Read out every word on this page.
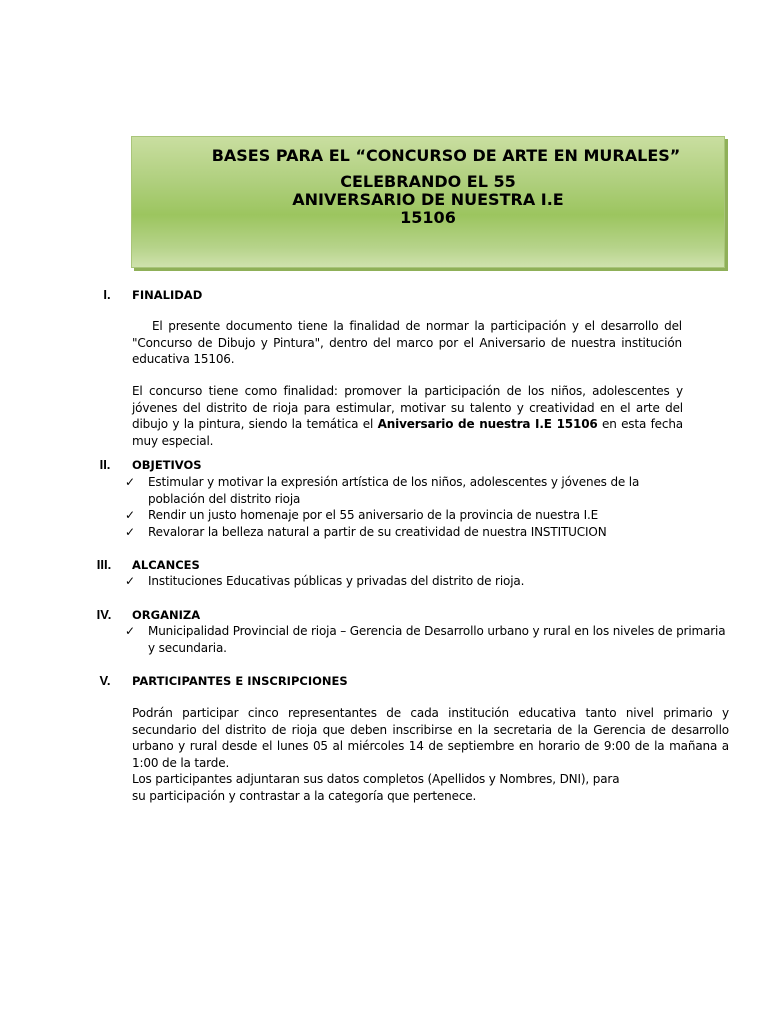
BASES PARA EL “CONCURSO DE ARTE EN MURALES”
CELEBRANDO EL 55
ANIVERSARIO DE NUESTRA I.E
15106
I.	FINALIDAD
El presente documento tiene la finalidad de normar la participación y el desarrollo del "Concurso de Dibujo y Pintura", dentro del marco por el Aniversario de nuestra institución educativa 15106.
El concurso tiene como finalidad: promover la participación de los niños, adolescentes y jóvenes del distrito de rioja para estimular, motivar su talento y creatividad en el arte del dibujo y la pintura, siendo la temática el Aniversario de nuestra I.E 15106 en esta fecha muy especial.
II.	OBJETIVOS
✓ Estimular y motivar la expresión artística de los niños, adolescentes y jóvenes de la población del distrito rioja
✓ Rendir un justo homenaje por el 55 aniversario de la provincia de nuestra I.E
✓ Revalorar la belleza natural a partir de su creatividad de nuestra INSTITUCION
III.	ALCANCES
✓ Instituciones Educativas públicas y privadas del distrito de rioja.
IV.	ORGANIZA
✓ Municipalidad Provincial de rioja – Gerencia de Desarrollo urbano y rural en los niveles de primaria y secundaria.
V.	PARTICIPANTES E INSCRIPCIONES
Podrán participar cinco representantes de cada institución educativa tanto nivel primario y secundario del distrito de rioja que deben inscribirse en la secretaria de la Gerencia de desarrollo urbano y rural desde el lunes 05 al miércoles 14 de septiembre en horario de 9:00 de la mañana a 1:00 de la tarde.
Los participantes adjuntaran sus datos completos (Apellidos y Nombres, DNI), para su participación y contrastar a la categoría que pertenece.
